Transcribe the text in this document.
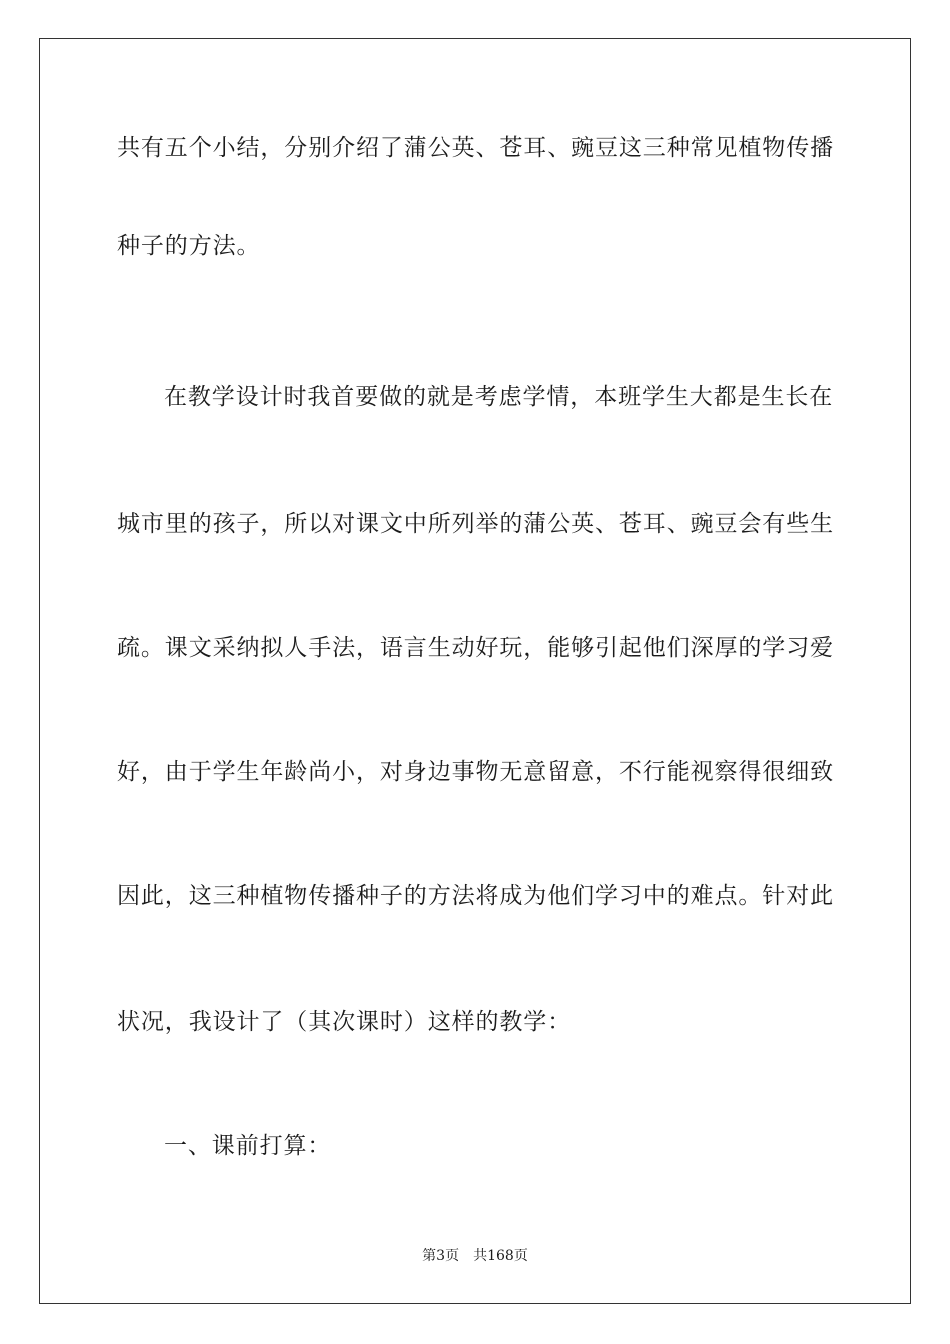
共有五个小结，分别介绍了蒲公英、苍耳、豌豆这三种常见植物传播
种子的方法。
在教学设计时我首要做的就是考虑学情，本班学生大都是生长在
城市里的孩子，所以对课文中所列举的蒲公英、苍耳、豌豆会有些生
疏。课文采纳拟人手法，语言生动好玩，能够引起他们深厚的学习爱
好，由于学生年龄尚小，对身边事物无意留意，不行能视察得很细致
因此，这三种植物传播种子的方法将成为他们学习中的难点。针对此
状况，我设计了（其次课时）这样的教学：
一、课前打算：
第3页 共168页
